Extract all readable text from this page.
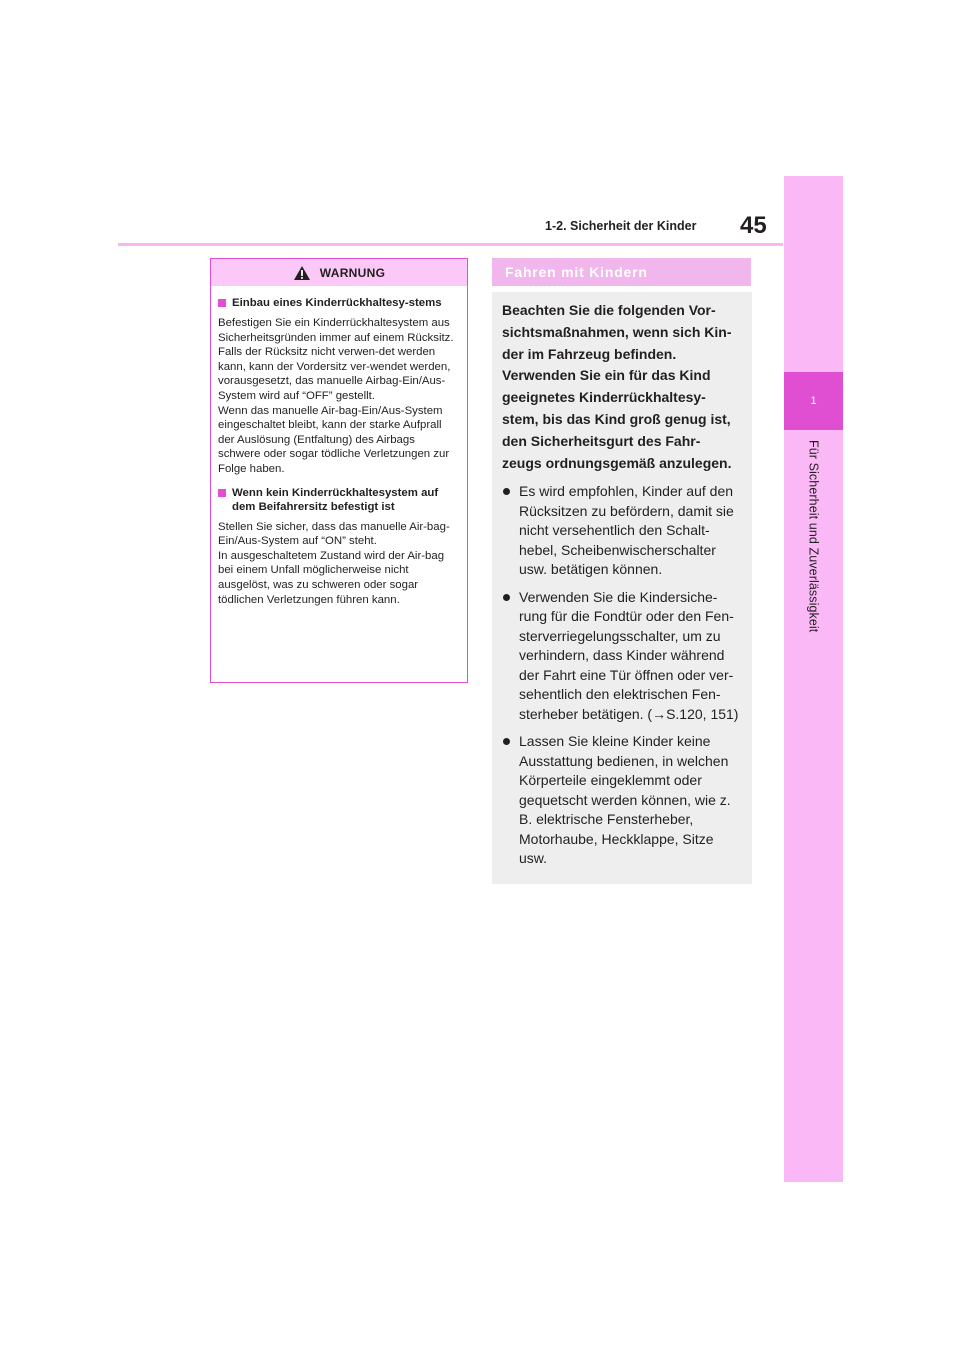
1-2. Sicherheit der Kinder 45
1
Für Sicherheit und Zuverlässigkeit
WARNUNG
Einbau eines Kinderrückhaltesy-stems

Befestigen Sie ein Kinderrückhaltesystem aus Sicherheitsgründen immer auf einem Rücksitz. Falls der Rücksitz nicht verwen-det werden kann, kann der Vordersitz ver-wendet werden, vorausgesetzt, das manuelle Airbag-Ein/Aus-System wird auf “OFF” gestellt.

Wenn das manuelle Air-bag-Ein/Aus-System eingeschaltet bleibt, kann der starke Aufprall der Auslösung (Entfaltung) des Airbags schwere oder sogar tödliche Verletzungen zur Folge haben.

Wenn kein Kinderrückhaltesystem auf dem Beifahrersitz befestigt ist

Stellen Sie sicher, dass das manuelle Air-bag-Ein/Aus-System auf “ON” steht.

In ausgeschaltetem Zustand wird der Air-bag bei einem Unfall möglicherweise nicht ausgelöst, was zu schweren oder sogar tödlichen Verletzungen führen kann.

Fahren mit Kindern

Beachten Sie die folgenden Vor-sichtsmaßnahmen, wenn sich Kin-der im Fahrzeug befinden. Verwenden Sie ein für das Kind geeignetes Kinderrückhaltesy-stem, bis das Kind groß genug ist, den Sicherheitsgurt des Fahr-zeugs ordnungsgemäß anzulegen.

Es wird empfohlen, Kinder auf den Rücksitzen zu befördern, damit sie nicht versehentlich den Schalt-hebel, Scheibenwischerschalter usw. betätigen können.
Verwenden Sie die Kindersiche-rung für die Fondtür oder den Fen-sterverriegelungsschalter, um zu verhindern, dass Kinder während der Fahrt eine Tür öffnen oder ver-sehentlich den elektrischen Fen-sterheber betätigen. (→S.120, 151)
Lassen Sie kleine Kinder keine Ausstattung bedienen, in welchen Körperteile eingeklemmt oder gequetscht werden können, wie z. B. elektrische Fensterheber, Motorhaube, Heckklappe, Sitze usw.
